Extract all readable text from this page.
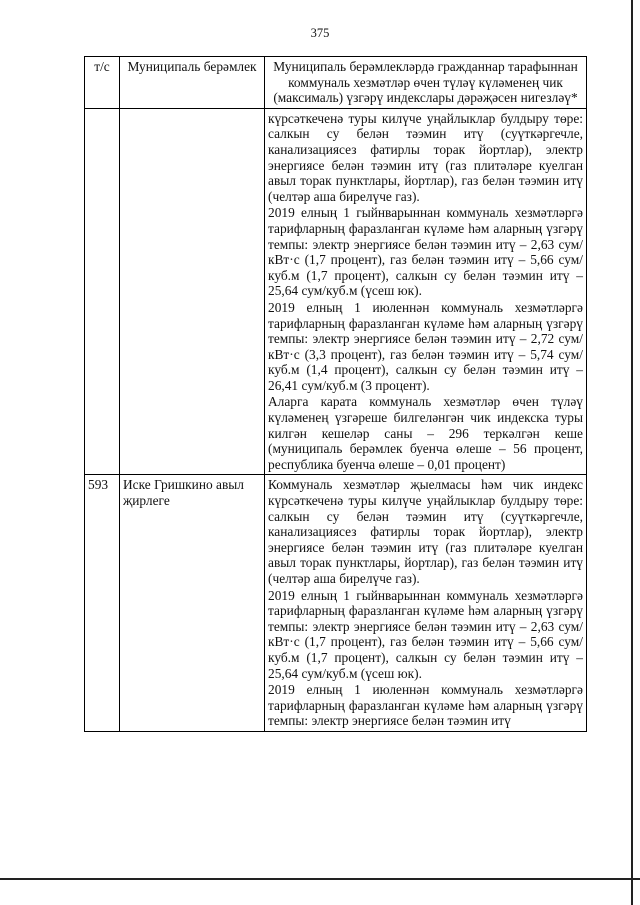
375
т/с	Муниципаль берәмлек	Муниципаль берәмлекләрдә гражданнар тарафыннан коммуналь хезмәтләр өчен түләү күләменең чик (максималь) үзгәрү индекслары дәрәҗәсен нигезләү*

		күрсәткеченә туры килүче уңайлыклар булдыру төре: салкын су белән тәэмин итү (суүткәргечле, канализациясез фатирлы торак йортлар), электр энергиясе белән тәэмин итү (газ плитәләре куелган авыл торак пунктлары, йортлар), газ белән тәэмин итү (челтәр аша бирелүче газ).

2019 елның 1 гыйнварыннан коммуналь хезмәтләргә тарифларның фаразланган күләме һәм аларның үзгәрү темпы: электр энергиясе белән тәэмин итү – 2,63 сум/кВт·с (1,7 процент), газ белән тәэмин итү – 5,66 сум/куб.м (1,7 процент), салкын су белән тәэмин итү – 25,64 сум/куб.м (үсеш юк).

2019 елның 1 июленнән коммуналь хезмәтләргә тарифларның фаразланган күләме һәм аларның үзгәрү темпы: электр энергиясе белән тәэмин итү – 2,72 сум/кВт·с (3,3 процент), газ белән тәэмин итү – 5,74 сум/куб.м (1,4 процент), салкын су белән тәэмин итү – 26,41 сум/куб.м (3 процент).

Аларга карата коммуналь хезмәтләр өчен түләү күләменең үзгәреше билгеләнгән чик индекска туры килгән кешеләр саны – 296 теркәлгән кеше (муниципаль берәмлек буенча өлеше – 56 процент, республика буенча өлеше – 0,01 процент)

593	Иске Гришкино авыл җирлеге	Коммуналь хезмәтләр җыелмасы һәм чик индекс күрсәткеченә туры килүче уңайлыклар булдыру төре: салкын су белән тәэмин итү (суүткәргечле, канализациясез фатирлы торак йортлар), электр энергиясе белән тәэмин итү (газ плитәләре куелган авыл торак пунктлары, йортлар), газ белән тәэмин итү (челтәр аша бирелүче газ).

2019 елның 1 гыйнварыннан коммуналь хезмәтләргә тарифларның фаразланган күләме һәм аларның үзгәрү темпы: электр энергиясе белән тәэмин итү – 2,63 сум/кВт·с (1,7 процент), газ белән тәэмин итү – 5,66 сум/куб.м (1,7 процент), салкын су белән тәэмин итү – 25,64 сум/куб.м (үсеш юк).

2019 елның 1 июленнән коммуналь хезмәтләргә тарифларның фаразланган күләме һәм аларның үзгәрү темпы: электр энергиясе белән тәэмин итү
